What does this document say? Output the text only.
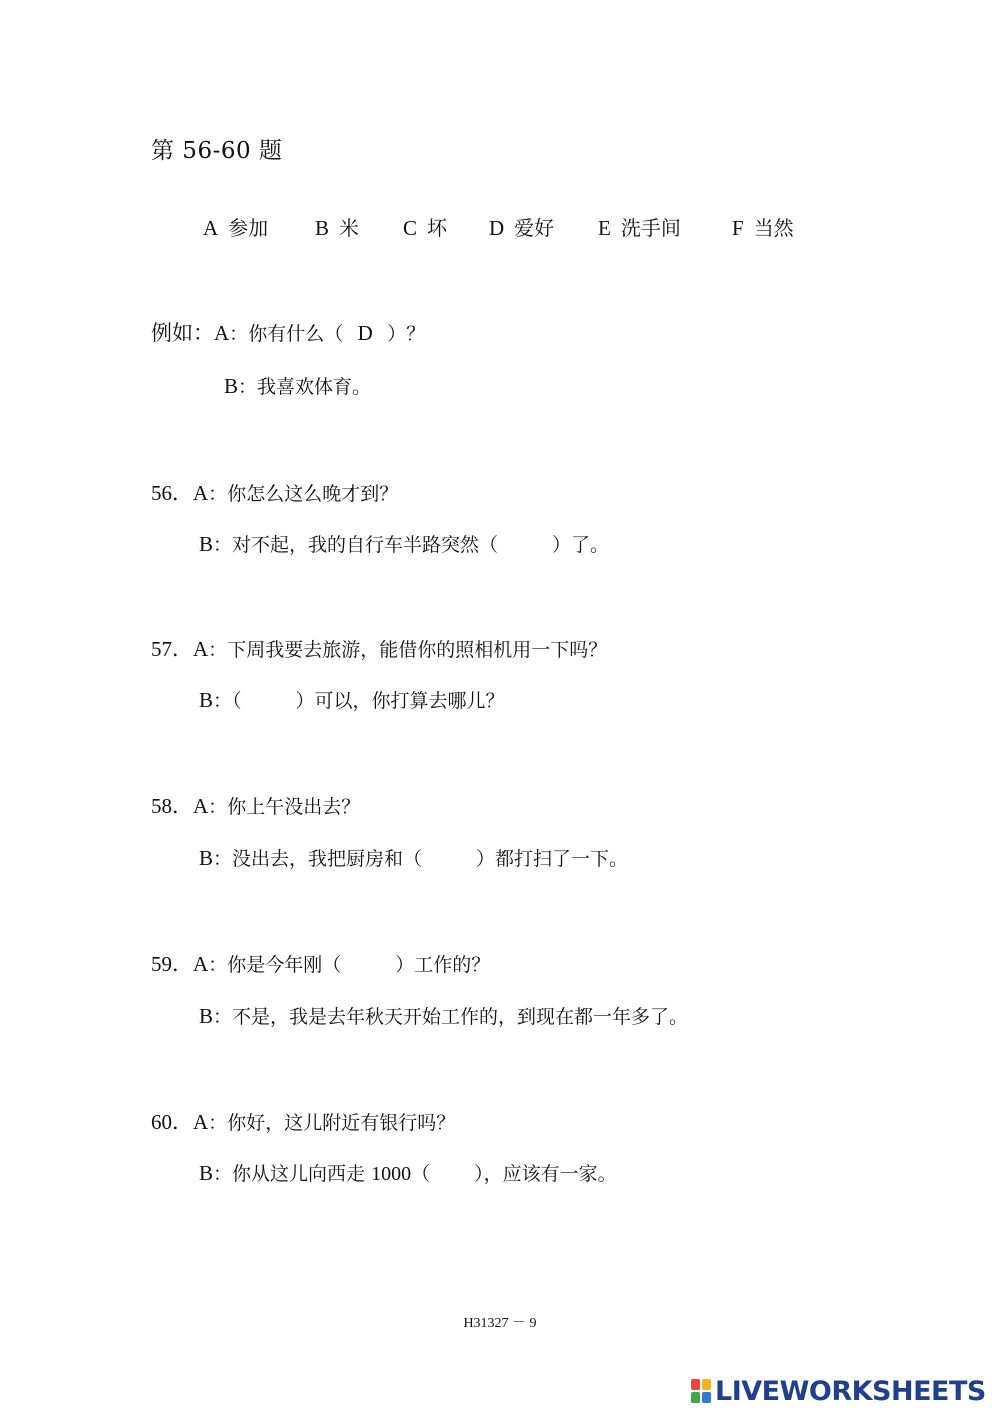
第 56-60 题
A 参加 B 米 C 坏 D 爱好 E 洗手间 F 当然
例如：A：你有什么（ D ）？
B：我喜欢体育。
56．A：你怎么这么晚才到？
B：对不起，我的自行车半路突然（	）了。
57．A：下周我要去旅游，能借你的照相机用一下吗？
B：（	）可以，你打算去哪儿？
58．A：你上午没出去？
B：没出去，我把厨房和（	）都打扫了一下。
59．A：你是今年刚（	）工作的？
B：不是，我是去年秋天开始工作的，到现在都一年多了。
60．A：你好，这儿附近有银行吗？
B：你从这儿向西走 1000（ ），应该有一家。
H31327 － 9
LIVEWORKSHEETS
